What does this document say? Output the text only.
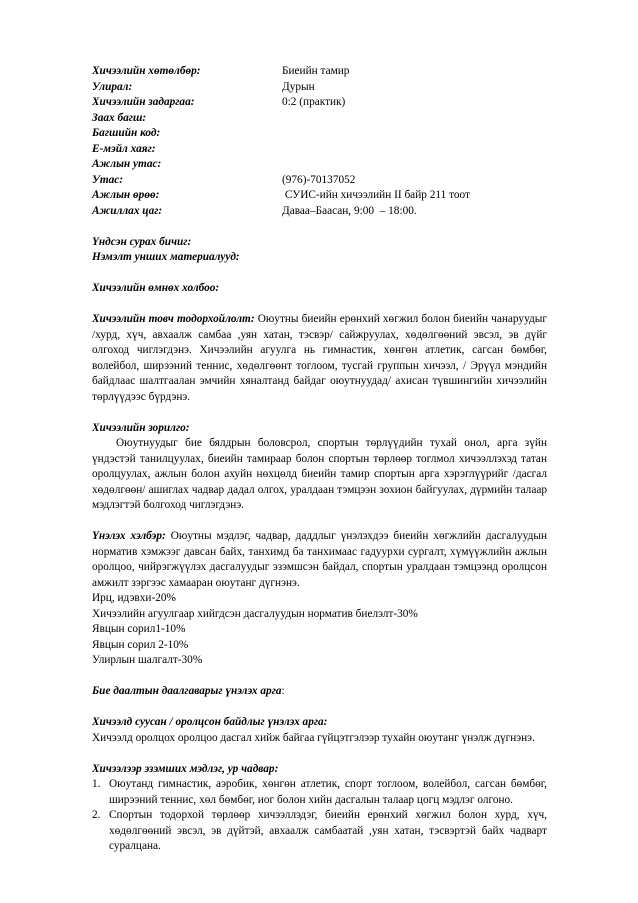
Хичээлийн хөтөлбөр:	Биеийн тамир
Улирал:	Дурын
Хичээлийн задаргаа:	0:2 (практик)
Заах багш:
Багшийн код:
Е-мэйл хаяг:
Ажлын утас:
Утас:	(976)-70137052
Ажлын өрөө:	СУИС-ийн хичээлийн II байр 211 тоот
Ажиллах цаг:	Даваа–Баасан, 9:00  – 18:00.
Үндсэн сурах бичиг:
Нэмэлт унших материалууд:
Хичээлийн өмнөх холбоо:
Хичээлийн товч тодорхойлолт: Оюутны биеийн ерөнхий хөгжил болон биеийн чанаруудыг /хурд, хүч, авхаалж самбаа ,уян хатан, тэсвэр/ сайжруулах, хөдөлгөөний эвсэл, эв дүйг олгоход чиглэгдэнэ. Хичээлийн агуулга нь гимнастик, хөнгөн атлетик, сагсан бөмбөг, волейбол, ширээний теннис, хөдөлгөөнт тоглоом, тусгай группын хичээл, / Эрүүл мэндийн байдлаас шалтгаалан эмчийн хяналтанд байдаг оюутнуудад/ ахисан түвшингийн хичээлийн төрлүүдээс бүрдэнэ.
Хичээлийн зорилго:
Оюутнуудыг бие бялдрын боловсрол, спортын төрлүүдийн тухай онол, арга зүйн үндэстэй танилцуулах, биеийн тамираар болон спортын төрлөөр тоглмол хичээллэхэд татан оролцуулах, ажлын болон ахуйн нөхцөлд биеийн тамир спортын арга хэрэглүүрийг /дасгал хөдөлгөөн/ ашиглах чадвар дадал олгох, уралдаан тэмцээн зохион байгуулах, дүрмийн талаар мэдлэгтэй болгоход чиглэгдэнэ.
Үнэлэх хэлбэр: Оюутны мэдлэг, чадвар, даддлыг үнэлэхдээ биеийн хөгжлийн дасгалуудын норматив хэмжээг давсан байх, танхимд ба танхимаас гадуурхи сургалт, хүмүүжлийн ажлын оролцоо, чийрэгжүүлэх дасгалуудыг эзэмшсэн байдал, спортын уралдаан тэмцээнд оролцсон амжилт зэргээс хамааран оюутанг дүгнэнэ.
Ирц, идэвхи-20%
Хичээлийн агуулгаар хийгдсэн дасгалуудын норматив биелэлт-30%
Явцын сорил1-10%
Явцын сорил 2-10%
Улирлын шалгалт-30%
Бие даалтын даалгаварыг үнэлэх арга:
Хичээлд суусан / оролцсон байдлыг үнэлэх арга:
Хичээлд оролцох оролцоо дасгал хийж байгаа гүйцэтгэлээр тухайн оюутанг үнэлж дүгнэнэ.
Хичээлээр эзэмших мэдлэг, ур чадвар:
1. Оюутанд гимнастик, аэробик, хөнгөн атлетик, спорт тоглоом, волейбол, сагсан бөмбөг, ширээний теннис, хөл бөмбөг, иог болон хийн дасгалын талаар цогц мэдлэг олгоно.
2. Спортын тодорхой төрлөөр хичээллэдэг, биеийн ерөнхий хөгжил болон хурд, хүч, хөдөлгөөний эвсэл, эв дүйтэй, авхаалж самбаатай ,уян хатан, тэсвэртэй байх чадварт суралцана.
